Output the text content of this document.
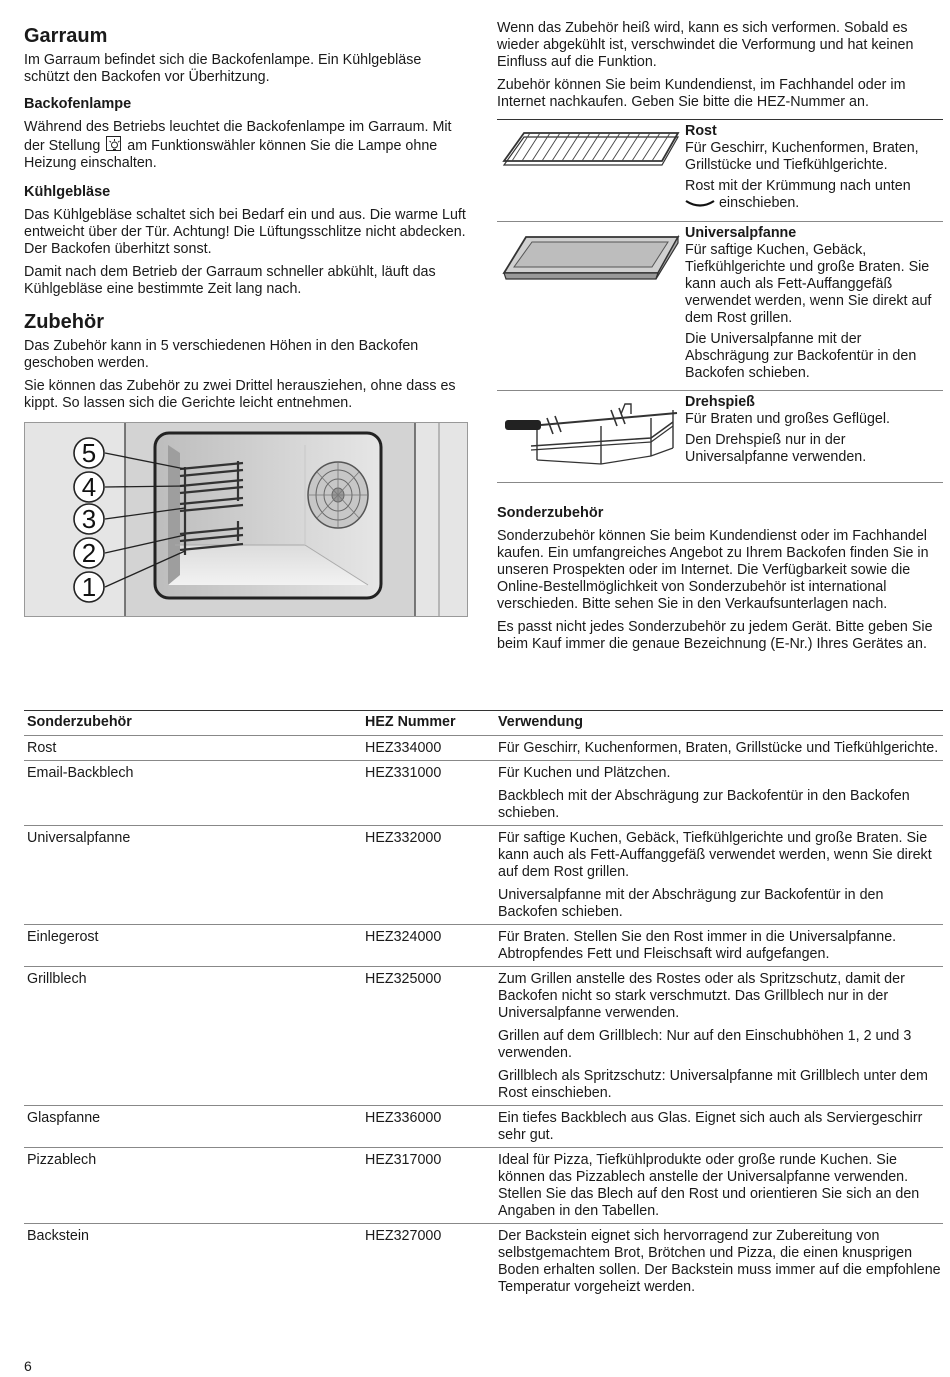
Garraum

Im Garraum befindet sich die Backofenlampe. Ein Kühlgebläse schützt den Backofen vor Überhitzung.

Backofenlampe

Während des Betriebs leuchtet die Backofenlampe im Garraum. Mit der Stellung am Funktionswähler können Sie die Lampe ohne Heizung einschalten.

Kühlgebläse

Das Kühlgebläse schaltet sich bei Bedarf ein und aus. Die warme Luft entweicht über der Tür. Achtung! Die Lüftungsschlitze nicht abdecken. Der Backofen überhitzt sonst.

Damit nach dem Betrieb der Garraum schneller abkühlt, läuft das Kühlgebläse eine bestimmte Zeit lang nach.

Zubehör

Das Zubehör kann in 5 verschiedenen Höhen in den Backofen geschoben werden.

Sie können das Zubehör zu zwei Drittel herausziehen, ohne dass es kippt. So lassen sich die Gerichte leicht entnehmen.

5
4
3
2
1

Wenn das Zubehör heiß wird, kann es sich verformen. Sobald es wieder abgekühlt ist, verschwindet die Verformung und hat keinen Einfluss auf die Funktion.

Zubehör können Sie beim Kundendienst, im Fachhandel oder im Internet nachkaufen. Geben Sie bitte die HEZ-Nummer an.

Rost

Für Geschirr, Kuchenformen, Braten, Grillstücke und Tiefkühlgerichte.

Rost mit der Krümmung nach unten  einschieben.

Universalpfanne

Für saftige Kuchen, Gebäck, Tiefkühlgerichte und große Braten. Sie kann auch als Fett-Auffanggefäß verwendet werden, wenn Sie direkt auf dem Rost grillen.

Die Universalpfanne mit der Abschrägung zur Backofentür in den Backofen schieben.

Drehspieß

Für Braten und großes Geflügel.

Den Drehspieß nur in der Universalpfanne verwenden.

Sonderzubehör

Sonderzubehör können Sie beim Kundendienst oder im Fachhandel kaufen. Ein umfangreiches Angebot zu Ihrem Backofen finden Sie in unseren Prospekten oder im Internet. Die Verfügbarkeit sowie die Online-Bestellmöglichkeit von Sonderzubehör ist international verschieden. Bitte sehen Sie in den Verkaufsunterlagen nach.

Es passt nicht jedes Sonderzubehör zu jedem Gerät. Bitte geben Sie beim Kauf immer die genaue Bezeichnung (E-Nr.) Ihres Gerätes an.

Sonderzubehör	HEZ Nummer	Verwendung
Rost	HEZ334000	Für Geschirr, Kuchenformen, Braten, Grillstücke und Tiefkühlgerichte.

Email-Backblech	HEZ331000	Für Kuchen und Plätzchen.

Backblech mit der Abschrägung zur Backofentür in den Backofen schieben.

Universalpfanne	HEZ332000	Für saftige Kuchen, Gebäck, Tiefkühlgerichte und große Braten. Sie kann auch als Fett-Auffanggefäß verwendet werden, wenn Sie direkt auf dem Rost grillen.

Universalpfanne mit der Abschrägung zur Backofentür in den Backofen schieben.

Einlegerost	HEZ324000	Für Braten. Stellen Sie den Rost immer in die Universalpfanne. Abtropfendes Fett und Fleischsaft wird aufgefangen.

Grillblech	HEZ325000	Zum Grillen anstelle des Rostes oder als Spritzschutz, damit der Backofen nicht so stark verschmutzt. Das Grillblech nur in der Universalpfanne verwenden.

Grillen auf dem Grillblech: Nur auf den Einschubhöhen 1, 2 und 3 verwenden.

Grillblech als Spritzschutz: Universalpfanne mit Grillblech unter dem Rost einschieben.

Glaspfanne	HEZ336000	Ein tiefes Backblech aus Glas. Eignet sich auch als Serviergeschirr sehr gut.

Pizzablech	HEZ317000	Ideal für Pizza, Tiefkühlprodukte oder große runde Kuchen. Sie können das Pizzablech anstelle der Universalpfanne verwenden. Stellen Sie das Blech auf den Rost und orientieren Sie sich an den Angaben in den Tabellen.

Backstein	HEZ327000	Der Backstein eignet sich hervorragend zur Zubereitung von selbstgemachtem Brot, Brötchen und Pizza, die einen knusprigen Boden erhalten sollen. Der Backstein muss immer auf die empfohlene Temperatur vorgeheizt werden.

6
